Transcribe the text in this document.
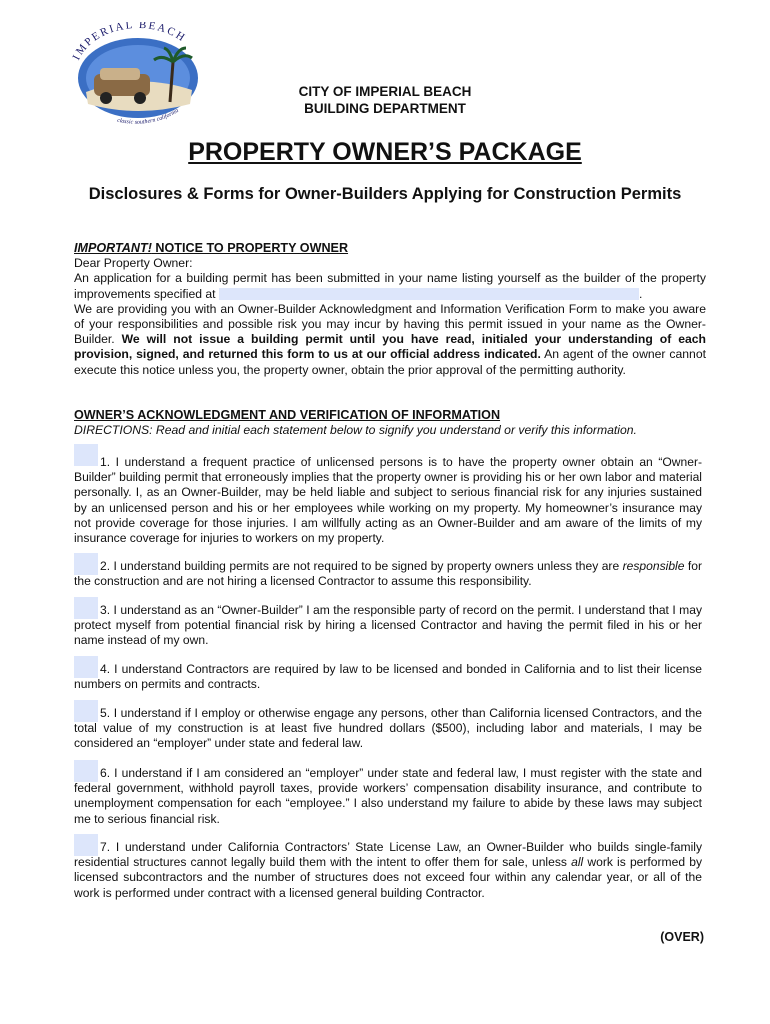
IMPERIAL BEACH
classic southern california
CITY OF IMPERIAL BEACH
BUILDING DEPARTMENT
PROPERTY OWNER’S PACKAGE
Disclosures & Forms for Owner-Builders Applying for Construction Permits
IMPORTANT! NOTICE TO PROPERTY OWNER
Dear Property Owner:
An application for a building permit has been submitted in your name listing yourself as the builder of the property improvements specified at	.
We are providing you with an Owner-Builder Acknowledgment and Information Verification Form to make you aware of your responsibilities and possible risk you may incur by having this permit issued in your name as the Owner-Builder. We will not issue a building permit until you have read, initialed your understanding of each provision, signed, and returned this form to us at our official address indicated. An agent of the owner cannot execute this notice unless you, the property owner, obtain the prior approval of the permitting authority.
OWNER’S ACKNOWLEDGMENT AND VERIFICATION OF INFORMATION
DIRECTIONS: Read and initial each statement below to signify you understand or verify this information.
1. I understand a frequent practice of unlicensed persons is to have the property owner obtain an “Owner-Builder” building permit that erroneously implies that the property owner is providing his or her own labor and material personally. I, as an Owner-Builder, may be held liable and subject to serious financial risk for any injuries sustained by an unlicensed person and his or her employees while working on my property. My homeowner’s insurance may not provide coverage for those injuries. I am willfully acting as an Owner-Builder and am aware of the limits of my insurance coverage for injuries to workers on my property.
2. I understand building permits are not required to be signed by property owners unless they are responsible for the construction and are not hiring a licensed Contractor to assume this responsibility.
3. I understand as an “Owner-Builder” I am the responsible party of record on the permit. I understand that I may protect myself from potential financial risk by hiring a licensed Contractor and having the permit filed in his or her name instead of my own.
4. I understand Contractors are required by law to be licensed and bonded in California and to list their license numbers on permits and contracts.
5. I understand if I employ or otherwise engage any persons, other than California licensed Contractors, and the total value of my construction is at least five hundred dollars ($500), including labor and materials, I may be considered an “employer” under state and federal law.
6. I understand if I am considered an “employer” under state and federal law, I must register with the state and federal government, withhold payroll taxes, provide workers’ compensation disability insurance, and contribute to unemployment compensation for each “employee.” I also understand my failure to abide by these laws may subject me to serious financial risk.
7. I understand under California Contractors’ State License Law, an Owner-Builder who builds single-family residential structures cannot legally build them with the intent to offer them for sale, unless all work is performed by licensed subcontractors and the number of structures does not exceed four within any calendar year, or all of the work is performed under contract with a licensed general building Contractor.
(OVER)
